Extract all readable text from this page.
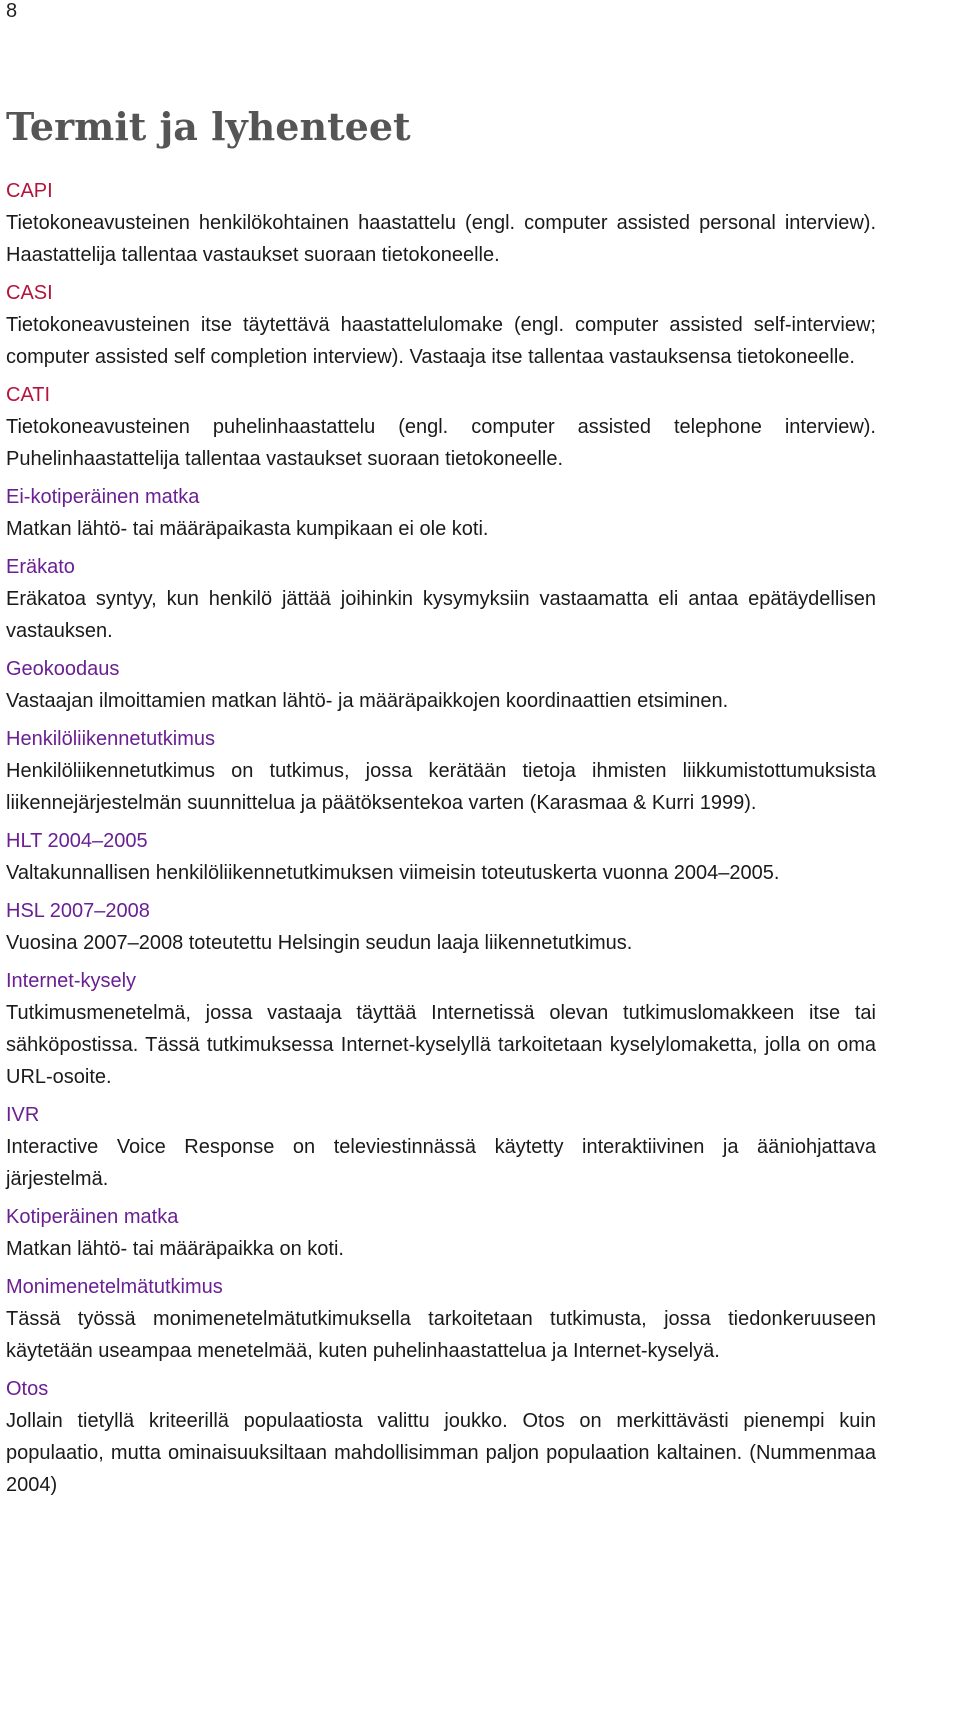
8
Termit ja lyhenteet
CAPI

Tietokoneavusteinen henkilökohtainen haastattelu (engl. computer assisted personal interview). Haastattelija tallentaa vastaukset suoraan tietokoneelle.

CASI

Tietokoneavusteinen itse täytettävä haastattelulomake (engl. computer assisted self-interview; computer assisted self completion interview). Vastaaja itse tallentaa vastauksensa tietokoneelle.

CATI

Tietokoneavusteinen puhelinhaastattelu (engl. computer assisted telephone interview). Puhelinhaastattelija tallentaa vastaukset suoraan tietokoneelle.

Ei-kotiperäinen matka

Matkan lähtö- tai määräpaikasta kumpikaan ei ole koti.

Eräkato

Eräkatoa syntyy, kun henkilö jättää joihinkin kysymyksiin vastaamatta eli antaa epätäydellisen vastauksen.

Geokoodaus

Vastaajan ilmoittamien matkan lähtö- ja määräpaikkojen koordinaattien etsiminen.

Henkilöliikennetutkimus

Henkilöliikennetutkimus on tutkimus, jossa kerätään tietoja ihmisten liikkumistottumuksista liikennejärjestelmän suunnittelua ja päätöksentekoa varten (Karasmaa & Kurri 1999).

HLT 2004–2005

Valtakunnallisen henkilöliikennetutkimuksen viimeisin toteutuskerta vuonna 2004–2005.

HSL 2007–2008

Vuosina 2007–2008 toteutettu Helsingin seudun laaja liikennetutkimus.

Internet-kysely

Tutkimusmenetelmä, jossa vastaaja täyttää Internetissä olevan tutkimuslomakkeen itse tai sähköpostissa. Tässä tutkimuksessa Internet-kyselyllä tarkoitetaan kyselylomaketta, jolla on oma URL-osoite.

IVR

Interactive Voice Response on televiestinnässä käytetty interaktiivinen ja ääniohjattava järjestelmä.

Kotiperäinen matka

Matkan lähtö- tai määräpaikka on koti.

Monimenetelmätutkimus

Tässä työssä monimenetelmätutkimuksella tarkoitetaan tutkimusta, jossa tiedonkeruuseen käytetään useampaa menetelmää, kuten puhelinhaastattelua ja Internet-kyselyä.

Otos

Jollain tietyllä kriteerillä populaatiosta valittu joukko. Otos on merkittävästi pienempi kuin populaatio, mutta ominaisuuksiltaan mahdollisimman paljon populaation kaltainen. (Nummenmaa 2004)
